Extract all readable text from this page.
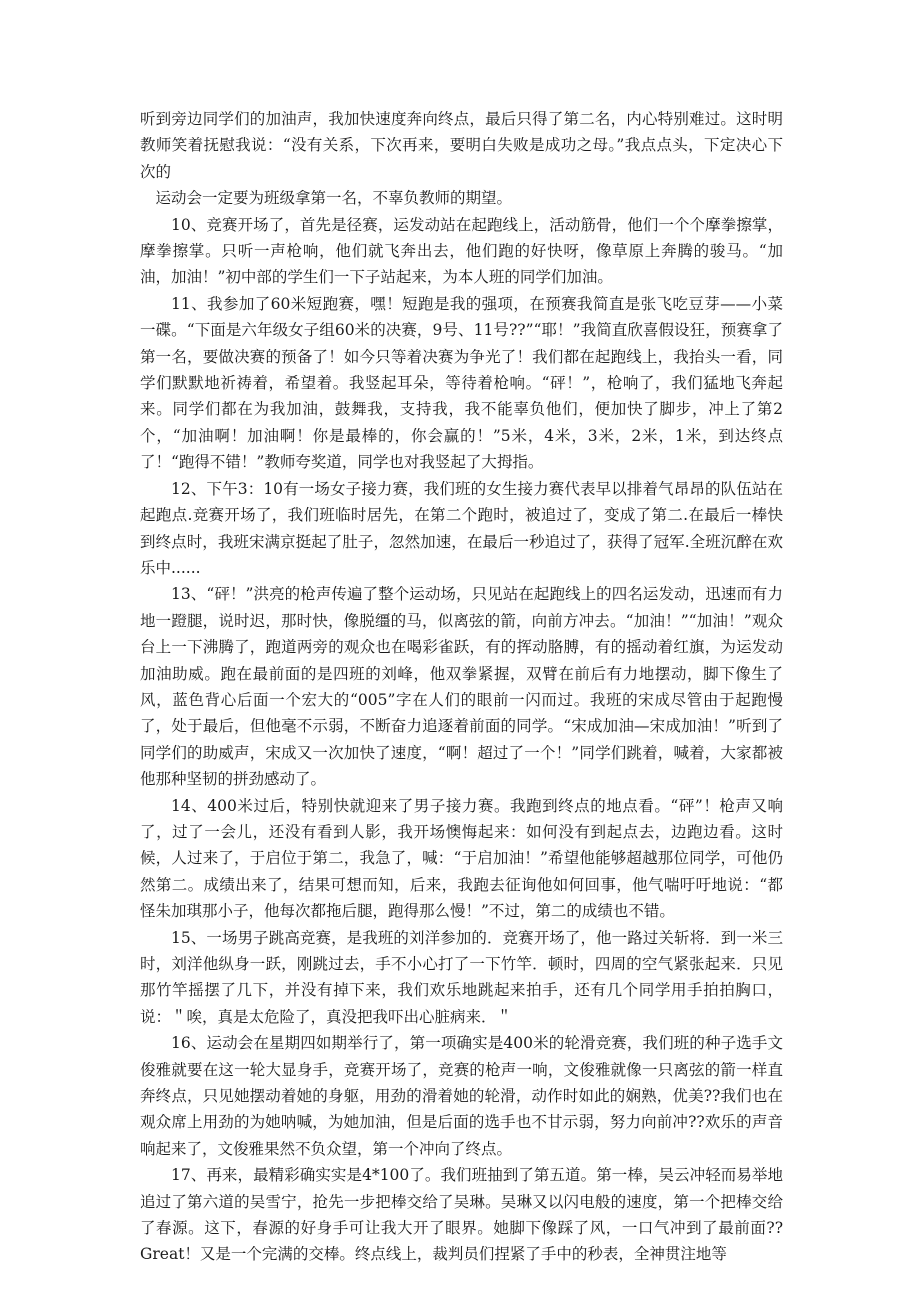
听到旁边同学们的加油声，我加快速度奔向终点，最后只得了第二名，内心特别难过。这时明教师笑着抚慰我说：“没有关系，下次再来，要明白失败是成功之母。”我点点头，下定决心下次的

运动会一定要为班级拿第一名，不辜负教师的期望。

10、竞赛开场了，首先是径赛，运发动站在起跑线上，活动筋骨，他们一个个摩拳擦掌，摩拳擦掌。只听一声枪响，他们就飞奔出去，他们跑的好快呀，像草原上奔腾的骏马。“加油，加油！”初中部的学生们一下子站起来，为本人班的同学们加油。

11、我参加了60米短跑赛，嘿！短跑是我的强项，在预赛我简直是张飞吃豆芽——小菜一碟。“下面是六年级女子组60米的决赛，9号、11号??”“耶！”我简直欣喜假设狂，预赛拿了第一名，要做决赛的预备了！如今只等着决赛为争光了！我们都在起跑线上，我抬头一看，同学们默默地祈祷着，希望着。我竖起耳朵，等待着枪响。“砰！”，枪响了，我们猛地飞奔起来。同学们都在为我加油，鼓舞我，支持我，我不能辜负他们，便加快了脚步，冲上了第2个，“加油啊！加油啊！你是最棒的，你会赢的！”5米，4米，3米，2米，1米，到达终点了！“跑得不错！”教师夸奖道，同学也对我竖起了大拇指。

12、下午3：10有一场女子接力赛，我们班的女生接力赛代表早以排着气昂昂的队伍站在起跑点.竞赛开场了，我们班临时居先，在第二个跑时，被追过了，变成了第二.在最后一棒快到终点时，我班宋满京挺起了肚子，忽然加速，在最后一秒追过了，获得了冠军.全班沉醉在欢乐中......

13、“砰！”洪亮的枪声传遍了整个运动场，只见站在起跑线上的四名运发动，迅速而有力地一蹬腿，说时迟，那时快，像脱缰的马，似离弦的箭，向前方冲去。“加油！”“加油！”观众台上一下沸腾了，跑道两旁的观众也在喝彩雀跃，有的挥动胳膊，有的摇动着红旗，为运发动加油助威。跑在最前面的是四班的刘峰，他双拳紧握，双臂在前后有力地摆动，脚下像生了风，蓝色背心后面一个宏大的“005”字在人们的眼前一闪而过。我班的宋成尽管由于起跑慢了，处于最后，但他毫不示弱，不断奋力追逐着前面的同学。“宋成加油—宋成加油！”听到了同学们的助威声，宋成又一次加快了速度，“啊！超过了一个！”同学们跳着，喊着，大家都被他那种坚韧的拼劲感动了。

14、400米过后，特别快就迎来了男子接力赛。我跑到终点的地点看。“砰”！枪声又响了，过了一会儿，还没有看到人影，我开场懊悔起来：如何没有到起点去，边跑边看。这时候，人过来了，于启位于第二，我急了，喊：“于启加油！”希望他能够超越那位同学，可他仍然第二。成绩出来了，结果可想而知，后来，我跑去征询他如何回事，他气喘吁吁地说：“都怪朱加琪那小子，他每次都拖后腿，跑得那么慢！”不过，第二的成绩也不错。

15、一场男子跳高竞赛，是我班的刘洋参加的．竞赛开场了，他一路过关斩将．到一米三时，刘洋他纵身一跃，刚跳过去，手不小心打了一下竹竿．顿时，四周的空气紧张起来．只见那竹竿摇摆了几下，并没有掉下来，我们欢乐地跳起来拍手，还有几个同学用手拍拍胸口，说：＂唉，真是太危险了，真没把我吓出心脏病来．＂

16、运动会在星期四如期举行了，第一项确实是400米的轮滑竞赛，我们班的种子选手文俊雅就要在这一轮大显身手，竞赛开场了，竞赛的枪声一响，文俊雅就像一只离弦的箭一样直奔终点，只见她摆动着她的身躯，用劲的滑着她的轮滑，动作时如此的娴熟，优美??我们也在观众席上用劲的为她呐喊，为她加油，但是后面的选手也不甘示弱，努力向前冲??欢乐的声音响起来了，文俊雅果然不负众望，第一个冲向了终点。

17、再来，最精彩确实实是4*100了。我们班抽到了第五道。第一棒，吴云冲轻而易举地追过了第六道的吴雪宁，抢先一步把棒交给了吴琳。吴琳又以闪电般的速度，第一个把棒交给了春源。这下，春源的好身手可让我大开了眼界。她脚下像踩了风，一口气冲到了最前面??Great！又是一个完满的交棒。终点线上，裁判员们捏紧了手中的秒表，全神贯注地等
